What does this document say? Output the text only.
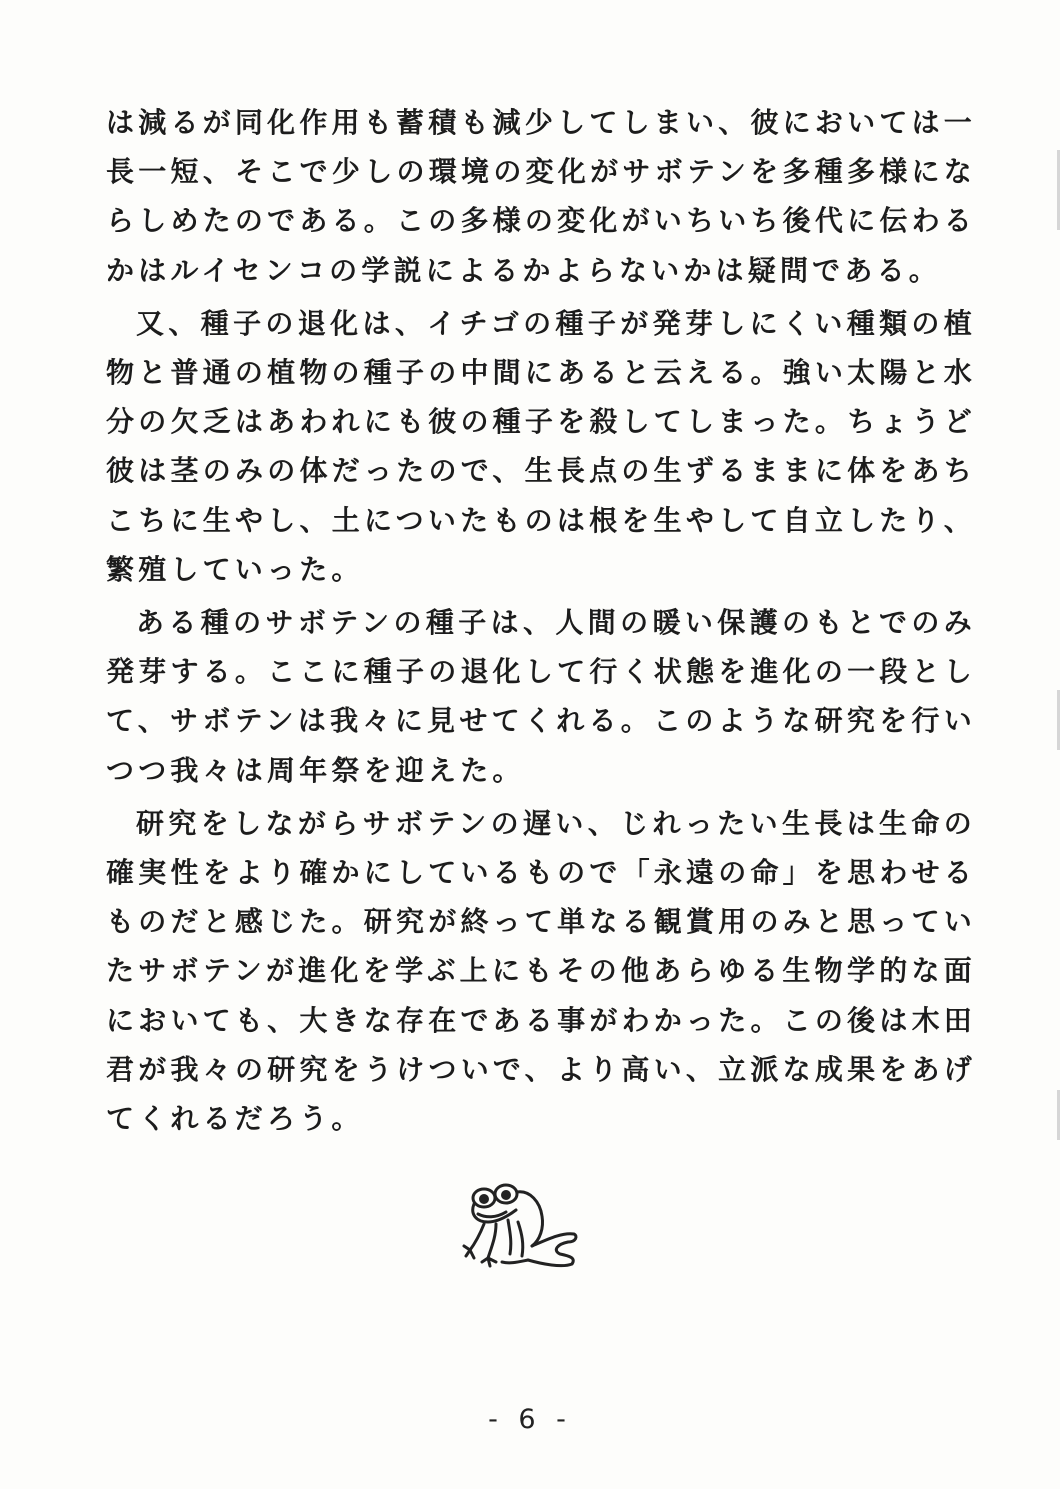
は減るが同化作用も蓄積も減少してしまい、彼においては一長一短、そこで少しの環境の変化がサボテンを多種多様にならしめたのである。この多様の変化がいちいち後代に伝わるかはルイセンコの学説によるかよらないかは疑問である。

又、種子の退化は、イチゴの種子が発芽しにくい種類の植物と普通の植物の種子の中間にあると云える。強い太陽と水分の欠乏はあわれにも彼の種子を殺してしまった。ちょうど彼は茎のみの体だったので、生長点の生ずるままに体をあちこちに生やし、土についたものは根を生やして自立したり、繁殖していった。

ある種のサボテンの種子は、人間の暖い保護のもとでのみ発芽する。ここに種子の退化して行く状態を進化の一段として、サボテンは我々に見せてくれる。このような研究を行いつつ我々は周年祭を迎えた。

研究をしながらサボテンの遅い、じれったい生長は生命の確実性をより確かにしているもので「永遠の命」を思わせるものだと感じた。研究が終って単なる観賞用のみと思っていたサボテンが進化を学ぶ上にもその他あらゆる生物学的な面においても、大きな存在である事がわかった。この後は木田君が我々の研究をうけついで、より高い、立派な成果をあげてくれるだろう。

- 6 -
